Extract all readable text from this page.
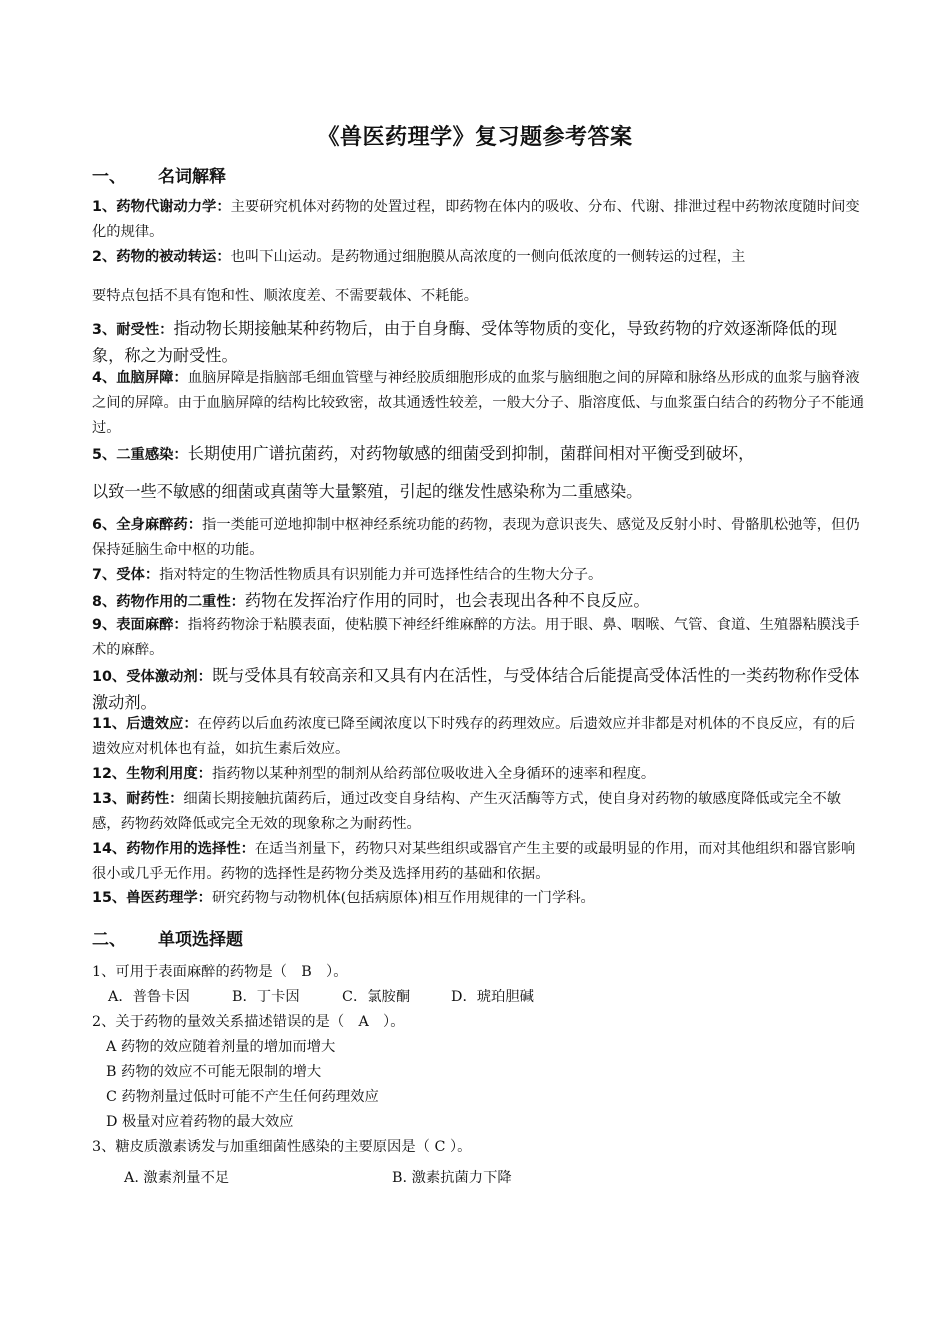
《兽医药理学》复习题参考答案
一、 名词解释
1、药物代谢动力学：主要研究机体对药物的处置过程，即药物在体内的吸收、分布、代谢、排泄过程中药物浓度随时间变化的规律。
2、药物的被动转运：也叫下山运动。是药物通过细胞膜从高浓度的一侧向低浓度的一侧转运的过程，主
要特点包括不具有饱和性、顺浓度差、不需要载体、不耗能。
3、耐受性：指动物长期接触某种药物后，由于自身酶、受体等物质的变化，导致药物的疗效逐渐降低的现象，称之为耐受性。
4、血脑屏障：血脑屏障是指脑部毛细血管壁与神经胶质细胞形成的血浆与脑细胞之间的屏障和脉络丛形成的血浆与脑脊液之间的屏障。由于血脑屏障的结构比较致密，故其通透性较差，一般大分子、脂溶度低、与血浆蛋白结合的药物分子不能通过。
5、二重感染：长期使用广谱抗菌药，对药物敏感的细菌受到抑制，菌群间相对平衡受到破坏，
以致一些不敏感的细菌或真菌等大量繁殖，引起的继发性感染称为二重感染。
6、全身麻醉药：指一类能可逆地抑制中枢神经系统功能的药物，表现为意识丧失、感觉及反射小时、骨骼肌松弛等，但仍保持延脑生命中枢的功能。
7、受体：指对特定的生物活性物质具有识别能力并可选择性结合的生物大分子。
8、药物作用的二重性：药物在发挥治疗作用的同时，也会表现出各种不良反应。
9、表面麻醉：指将药物涂于粘膜表面，使粘膜下神经纤维麻醉的方法。用于眼、鼻、咽喉、气管、食道、生殖器粘膜浅手术的麻醉。
10、受体激动剂：既与受体具有较高亲和又具有内在活性，与受体结合后能提高受体活性的一类药物称作受体激动剂。
11、后遗效应：在停药以后血药浓度已降至阈浓度以下时残存的药理效应。后遗效应并非都是对机体的不良反应，有的后遗效应对机体也有益，如抗生素后效应。
12、生物利用度：指药物以某种剂型的制剂从给药部位吸收进入全身循环的速率和程度。
13、耐药性：细菌长期接触抗菌药后，通过改变自身结构、产生灭活酶等方式，使自身对药物的敏感度降低或完全不敏感，药物药效降低或完全无效的现象称之为耐药性。
14、药物作用的选择性：在适当剂量下，药物只对某些组织或器官产生主要的或最明显的作用，而对其他组织和器官影响很小或几乎无作用。药物的选择性是药物分类及选择用药的基础和依据。
15、兽医药理学：研究药物与动物机体(包括病原体)相互作用规律的一门学科。
二、 单项选择题
1、可用于表面麻醉的药物是（　B　）。
A．普鲁卡因	B．丁卡因	C．氯胺酮	D．琥珀胆碱
2、关于药物的量效关系描述错误的是（　A　）。
A 药物的效应随着剂量的增加而增大
B 药物的效应不可能无限制的增大
C 药物剂量过低时可能不产生任何药理效应
D 极量对应着药物的最大效应
3、糖皮质激素诱发与加重细菌性感染的主要原因是（ C ）。
A. 激素剂量不足	B. 激素抗菌力下降
